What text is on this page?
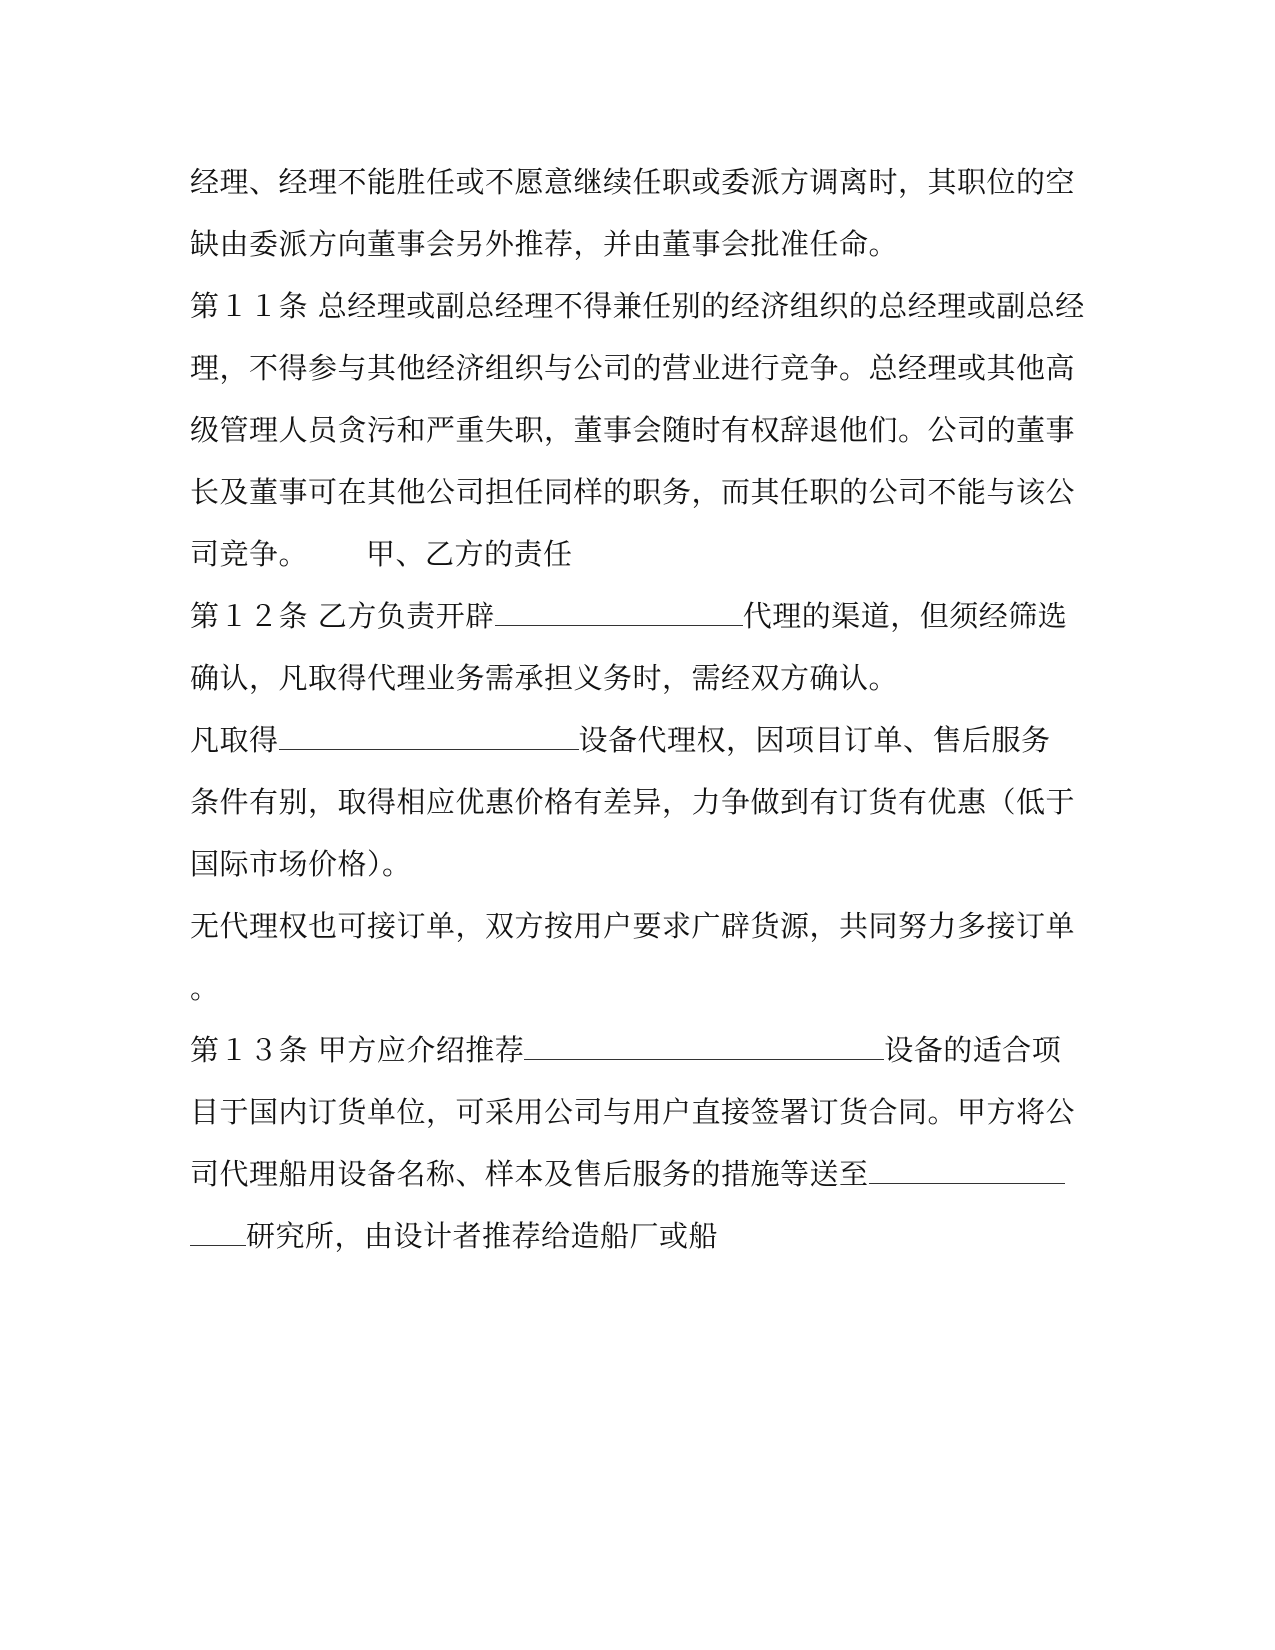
经理、经理不能胜任或不愿意继续任职或委派方调离时，其职位的空
缺由委派方向董事会另外推荐，并由董事会批准任命。
第１１条 总经理或副总经理不得兼任别的经济组织的总经理或副总经
理，不得参与其他经济组织与公司的营业进行竞争。总经理或其他高
级管理人员贪污和严重失职，董事会随时有权辞退他们。公司的董事
长及董事可在其他公司担任同样的职务，而其任职的公司不能与该公
司竞争。 甲、乙方的责任
第１２条 乙方负责开辟	代理的渠道，但须经筛选
确认，凡取得代理业务需承担义务时，需经双方确认。
凡取得	设备代理权，因项目订单、售后服务
条件有别，取得相应优惠价格有差异，力争做到有订货有优惠（低于
国际市场价格）。
无代理权也可接订单，双方按用户要求广辟货源，共同努力多接订单
。
第１３条 甲方应介绍推荐	设备的适合项
目于国内订货单位，可采用公司与用户直接签署订货合同。甲方将公
司代理船用设备名称、样本及售后服务的措施等送至
研究所，由设计者推荐给造船厂或船
